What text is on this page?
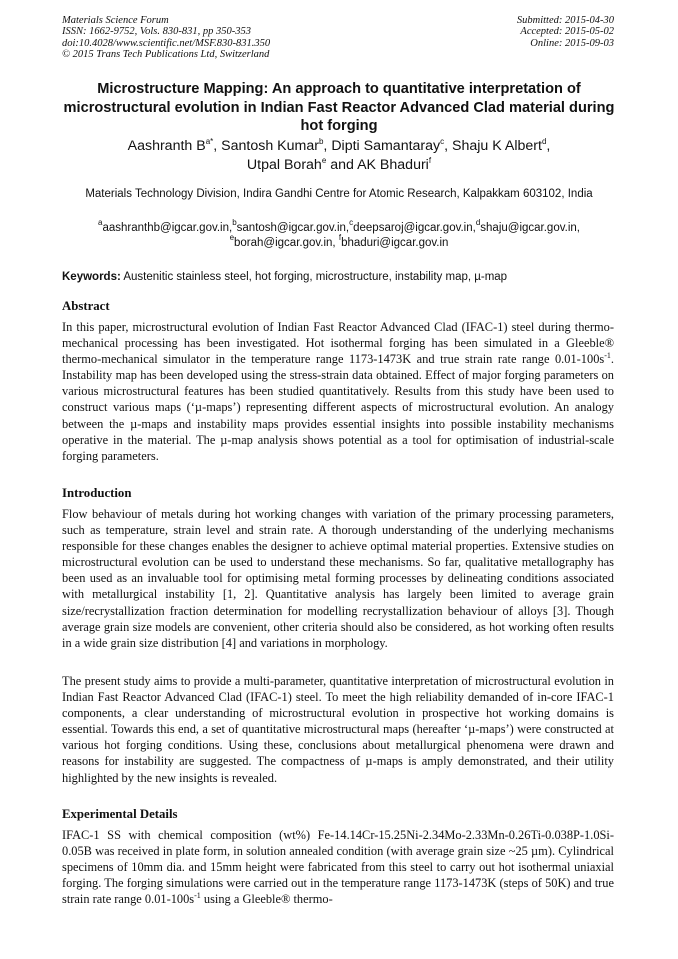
Materials Science Forum
ISSN: 1662-9752, Vols. 830-831, pp 350-353
doi:10.4028/www.scientific.net/MSF.830-831.350
© 2015 Trans Tech Publications Ltd, Switzerland
Submitted: 2015-04-30
Accepted: 2015-05-02
Online: 2015-09-03
Microstructure Mapping: An approach to quantitative interpretation of microstructural evolution in Indian Fast Reactor Advanced Clad material during hot forging
Aashranth $B^{a*}$, Santosh Kumar$^b$, Dipti Samantaray$^c$, Shaju K Albert$^d$,
Utpal Borah$^e$ and AK Bhaduri$^f$
Materials Technology Division, Indira Gandhi Centre for Atomic Research, Kalpakkam 603102, India
$^a$aashranthb@igcar.gov.in,$^b$santosh@igcar.gov.in,$^c$deepsaroj@igcar.gov.in,$^d$shaju@igcar.gov.in,
$^e$borah@igcar.gov.in, $^f$bhaduri@igcar.gov.in
Keywords: Austenitic stainless steel, hot forging, microstructure, instability map, µ-map
Abstract

In this paper, microstructural evolution of Indian Fast Reactor Advanced Clad (IFAC-1) steel during thermo-mechanical processing has been investigated. Hot isothermal forging has been simulated in a Gleeble® thermo-mechanical simulator in the temperature range 1173-1473K and true strain rate range $0.01-100s^{-1}$. Instability map has been developed using the stress-strain data obtained. Effect of major forging parameters on various microstructural features has been studied quantitatively. Results from this study have been used to construct various maps (‘µ-maps’) representing different aspects of microstructural evolution. An analogy between the µ-maps and instability maps provides essential insights into possible instability mechanisms operative in the material. The µ-map analysis shows potential as a tool for optimisation of industrial-scale forging parameters.

Introduction

Flow behaviour of metals during hot working changes with variation of the primary processing parameters, such as temperature, strain level and strain rate. A thorough understanding of the underlying mechanisms responsible for these changes enables the designer to achieve optimal material properties. Extensive studies on microstructural evolution can be used to understand these mechanisms. So far, qualitative metallography has been used as an invaluable tool for optimising metal forming processes by delineating conditions associated with metallurgical instability [1, 2]. Quantitative analysis has largely been limited to average grain size/recrystallization fraction determination for modelling recrystallization behaviour of alloys [3]. Though average grain size models are convenient, other criteria should also be considered, as hot working often results in a wide grain size distribution [4] and variations in morphology.

The present study aims to provide a multi-parameter, quantitative interpretation of microstructural evolution in Indian Fast Reactor Advanced Clad (IFAC-1) steel. To meet the high reliability demanded of in-core IFAC-1 components, a clear understanding of microstructural evolution in prospective hot working domains is essential. Towards this end, a set of quantitative microstructural maps (hereafter ‘µ-maps’) were constructed at various hot forging conditions. Using these, conclusions about metallurgical phenomena were drawn and reasons for instability are suggested. The compactness of µ-maps is amply demonstrated, and their utility highlighted by the new insights is revealed.

Experimental Details

IFAC-1 SS with chemical composition (wt%) Fe-14.14Cr-15.25Ni-2.34Mo-2.33Mn-0.26Ti-0.038P-1.0Si-0.05B was received in plate form, in solution annealed condition (with average grain size ~25 µm). Cylindrical specimens of 10mm dia. and 15mm height were fabricated from this steel to carry out hot isothermal uniaxial forging. The forging simulations were carried out in the temperature range 1173-1473K (steps of 50K) and true strain rate range $0.01-100s^{-1}$ using a Gleeble® thermo-
